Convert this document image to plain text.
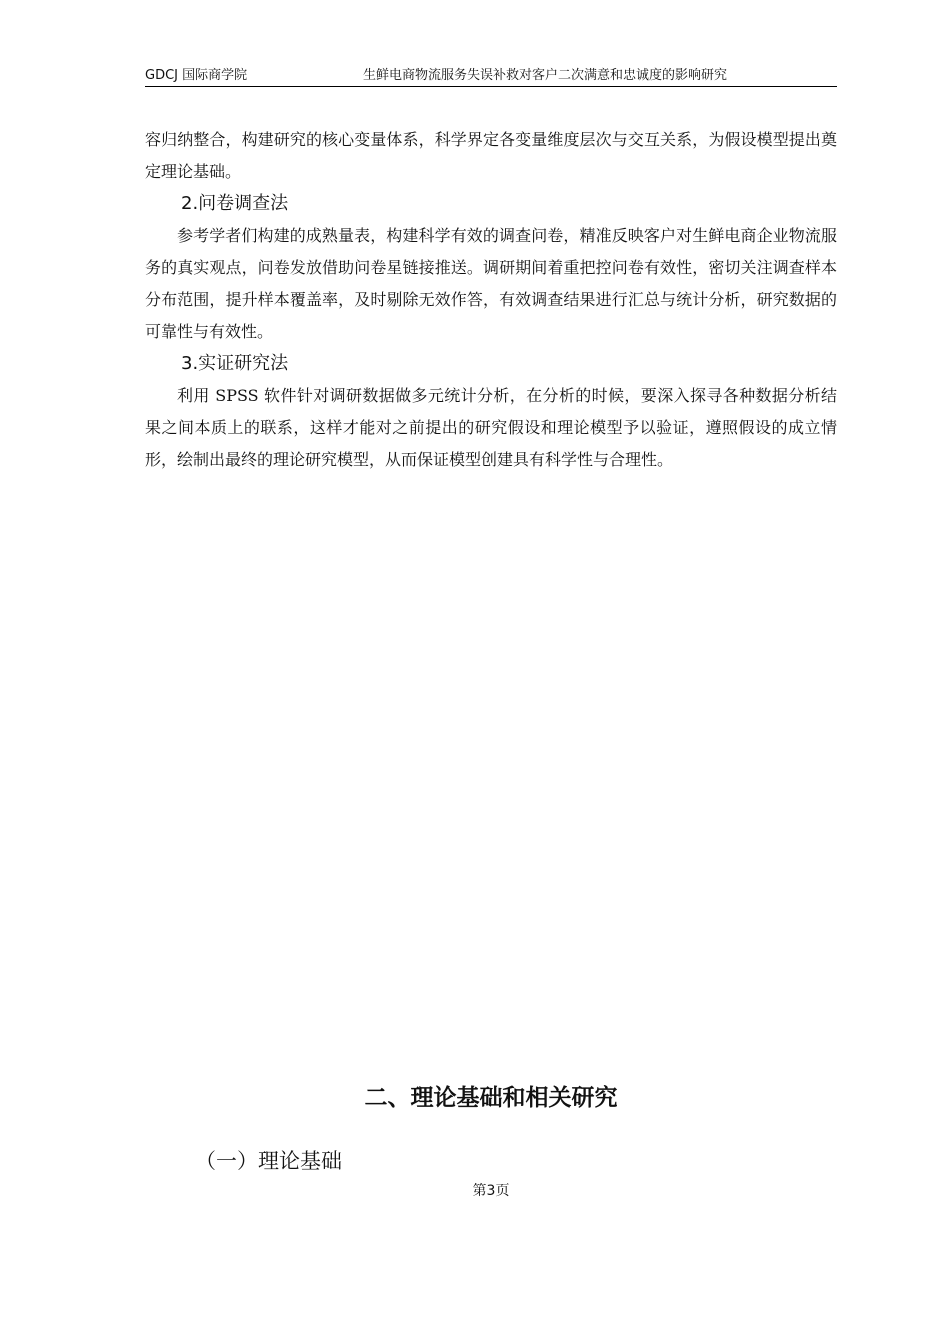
GDCJ 国际商学院	生鲜电商物流服务失误补救对客户二次满意和忠诚度的影响研究

容归纳整合，构建研究的核心变量体系，科学界定各变量维度层次与交互关系，为假设模型提出奠定理论基础。

2.问卷调查法

参考学者们构建的成熟量表，构建科学有效的调查问卷，精准反映客户对生鲜电商企业物流服务的真实观点，问卷发放借助问卷星链接推送。调研期间着重把控问卷有效性，密切关注调查样本分布范围，提升样本覆盖率，及时剔除无效作答，有效调查结果进行汇总与统计分析，研究数据的可靠性与有效性。

3.实证研究法

利用 SPSS 软件针对调研数据做多元统计分析，在分析的时候，要深入探寻各种数据分析结果之间本质上的联系，这样才能对之前提出的研究假设和理论模型予以验证，遵照假设的成立情形，绘制出最终的理论研究模型，从而保证模型创建具有科学性与合理性。

二、理论基础和相关研究
（一）理论基础
第3页
